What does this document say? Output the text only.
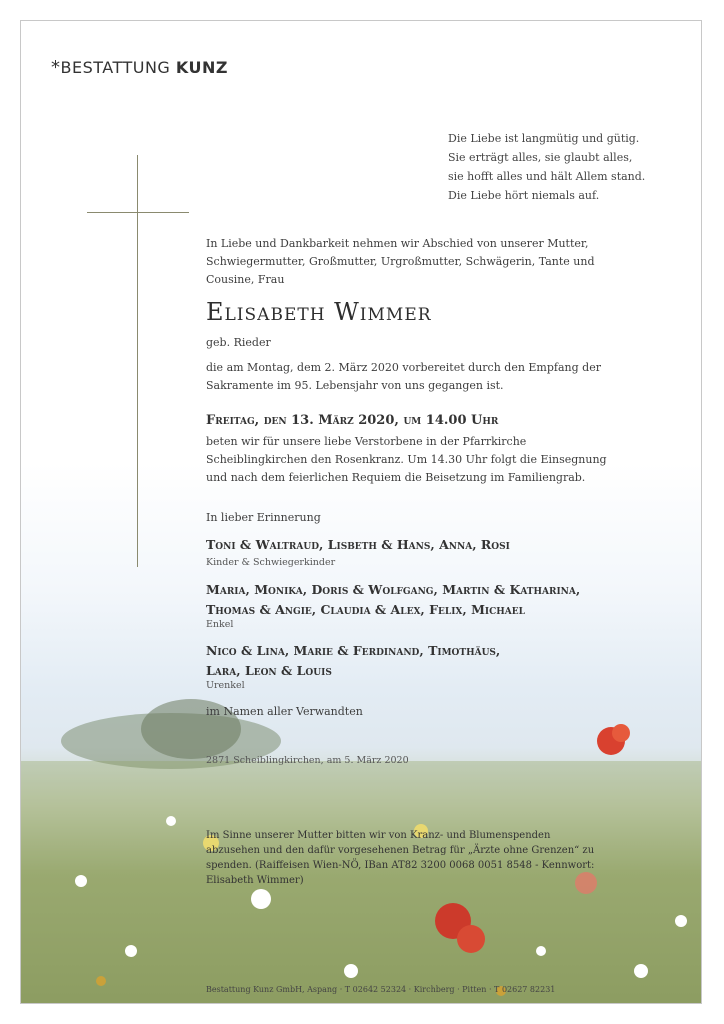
*BESTATTUNG KUNZ
Die Liebe ist langmütig und gütig.
Sie erträgt alles, sie glaubt alles,
sie hofft alles und hält Allem stand.
Die Liebe hört niemals auf.
In Liebe und Dankbarkeit nehmen wir Abschied von unserer Mutter, Schwiegermutter, Großmutter, Urgroßmutter, Schwägerin, Tante und Cousine, Frau
Elisabeth Wimmer
geb. Rieder
die am Montag, dem 2. März 2020 vorbereitet durch den Empfang der Sakramente im 95. Lebensjahr von uns gegangen ist.
Freitag, den 13. März 2020, um 14.00 Uhr
beten wir für unsere liebe Verstorbene in der Pfarrkirche Scheiblingkirchen den Rosenkranz. Um 14.30 Uhr folgt die Einsegnung und nach dem feierlichen Requiem die Beisetzung im Familiengrab.
In lieber Erinnerung
Toni & Waltraud, Lisbeth & Hans, Anna, Rosi
Kinder & Schwiegerkinder
Maria, Monika, Doris & Wolfgang, Martin & Katharina,
Thomas & Angie, Claudia & Alex, Felix, Michael
Enkel
Nico & Lina, Marie & Ferdinand, Timothäus,
Lara, Leon & Louis
Urenkel
im Namen aller Verwandten
2871 Scheiblingkirchen, am 5. März 2020
Im Sinne unserer Mutter bitten wir von Kranz- und Blumenspenden abzusehen und den dafür vorgesehenen Betrag für „Ärzte ohne Grenzen“ zu spenden. (Raiffeisen Wien-NÖ, IBan AT82 3200 0068 0051 8548 - Kennwort: Elisabeth Wimmer)
Bestattung Kunz GmbH, Aspang · T 02642 52324 · Kirchberg · Pitten · T 02627 82231
